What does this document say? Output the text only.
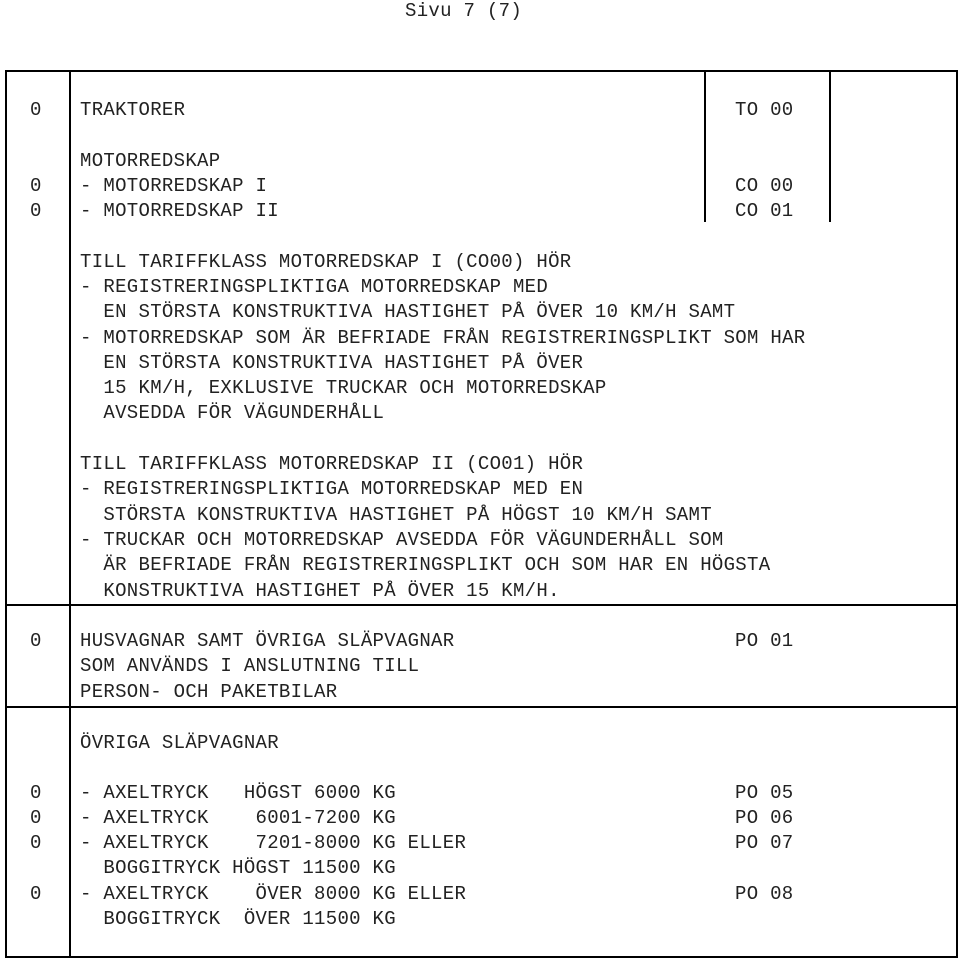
Sivu 7 (7)
0 TRAKTORER	TO 00
MOTORREDSKAP
0 - MOTORREDSKAP I	CO 00
0 - MOTORREDSKAP II	CO 01
TILL TARIFFKLASS MOTORREDSKAP I (CO00) HÖR
- REGISTRERINGSPLIKTIGA MOTORREDSKAP MED
EN STÖRSTA KONSTRUKTIVA HASTIGHET PÅ ÖVER 10 KM/H SAMT
- MOTORREDSKAP SOM ÄR BEFRIADE FRÅN REGISTRERINGSPLIKT SOM HAR
EN STÖRSTA KONSTRUKTIVA HASTIGHET PÅ ÖVER
15 KM/H, EXKLUSIVE TRUCKAR OCH MOTORREDSKAP
AVSEDDA FÖR VÄGUNDERHÅLL
TILL TARIFFKLASS MOTORREDSKAP II (CO01) HÖR
- REGISTRERINGSPLIKTIGA MOTORREDSKAP MED EN
STÖRSTA KONSTRUKTIVA HASTIGHET PÅ HÖGST 10 KM/H SAMT
- TRUCKAR OCH MOTORREDSKAP AVSEDDA FÖR VÄGUNDERHÅLL SOM
ÄR BEFRIADE FRÅN REGISTRERINGSPLIKT OCH SOM HAR EN HÖGSTA
KONSTRUKTIVA HASTIGHET PÅ ÖVER 15 KM/H.
0 HUSVAGNAR SAMT ÖVRIGA SLÄPVAGNAR	PO 01
SOM ANVÄNDS I ANSLUTNING TILL
PERSON- OCH PAKETBILAR
ÖVRIGA SLÄPVAGNAR
0 - AXELTRYCK   HÖGST 6000 KG	PO 05
0 - AXELTRYCK    6001-7200 KG	PO 06
0 - AXELTRYCK    7201-8000 KG ELLER	PO 07
BOGGITRYCK HÖGST 11500 KG
0 - AXELTRYCK    ÖVER 8000 KG ELLER	PO 08
BOGGITRYCK  ÖVER 11500 KG
